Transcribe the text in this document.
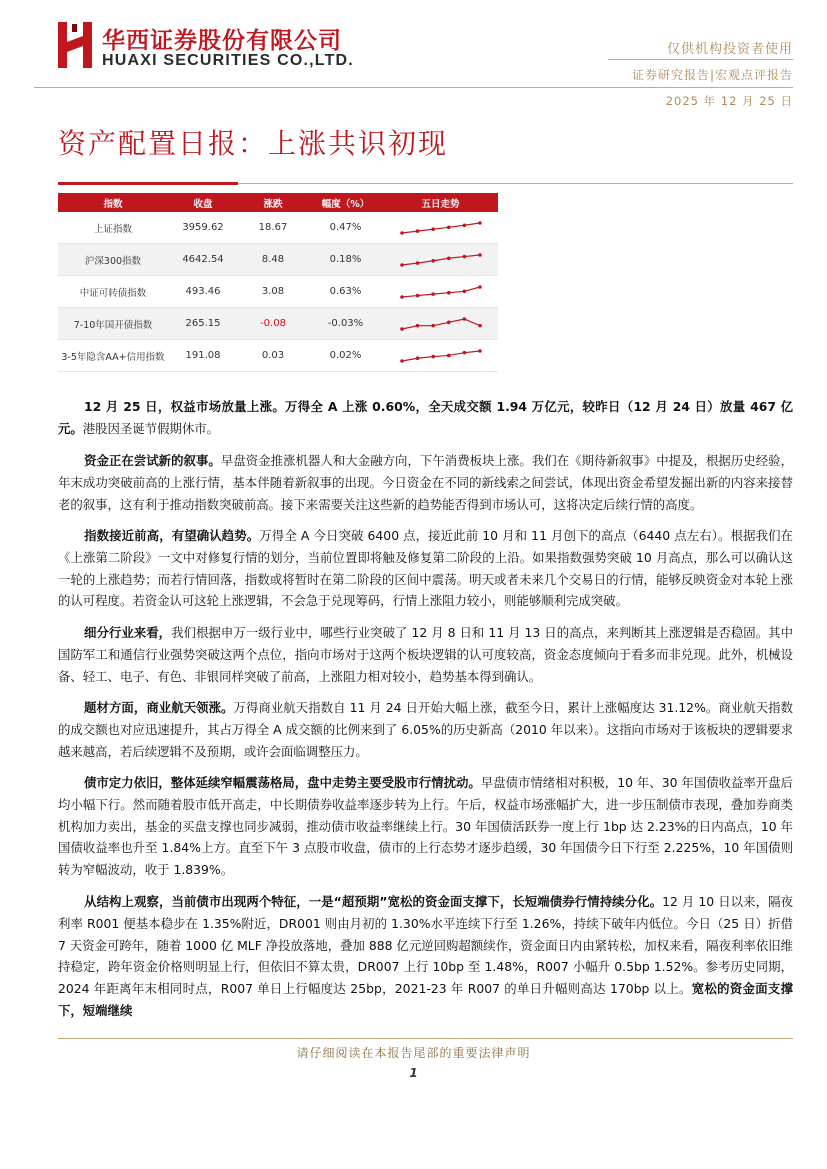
华西证券股份有限公司
HUAXI SECURITIES CO.,LTD.
仅供机构投资者使用
证券研究报告|宏观点评报告
2025 年 12 月 25 日
资产配置日报：上涨共识初现
指数	收盘	涨跌	幅度（%）	五日走势
上证指数	3959.62	18.67	0.47%	

沪深300指数	4642.54	8.48	0.18%	

中证可转债指数	493.46	3.08	0.63%	

7-10年国开债指数	265.15	-0.08	-0.03%	

3-5年隐含AA+信用指数	191.08	0.03	0.02%	

12 月 25 日，权益市场放量上涨。万得全 A 上涨 0.60%，全天成交额 1.94 万亿元，较昨日（12 月 24 日）放量 467 亿元。港股因圣诞节假期休市。

资金正在尝试新的叙事。早盘资金推涨机器人和大金融方向，下午消费板块上涨。我们在《期待新叙事》中提及，根据历史经验，年末成功突破前高的上涨行情，基本伴随着新叙事的出现。今日资金在不同的新线索之间尝试，体现出资金希望发掘出新的内容来接替老的叙事，这有利于推动指数突破前高。接下来需要关注这些新的趋势能否得到市场认可，这将决定后续行情的高度。

指数接近前高，有望确认趋势。万得全 A 今日突破 6400 点，接近此前 10 月和 11 月创下的高点（6440 点左右）。根据我们在《上涨第二阶段》一文中对修复行情的划分，当前位置即将触及修复第二阶段的上沿。如果指数强势突破 10 月高点，那么可以确认这一轮的上涨趋势；而若行情回落，指数或将暂时在第二阶段的区间中震荡。明天或者未来几个交易日的行情，能够反映资金对本轮上涨的认可程度。若资金认可这轮上涨逻辑，不会急于兑现筹码，行情上涨阻力较小，则能够顺利完成突破。

细分行业来看，我们根据申万一级行业中，哪些行业突破了 12 月 8 日和 11 月 13 日的高点，来判断其上涨逻辑是否稳固。其中国防军工和通信行业强势突破这两个点位，指向市场对于这两个板块逻辑的认可度较高，资金态度倾向于看多而非兑现。此外，机械设备、轻工、电子、有色、非银同样突破了前高，上涨阻力相对较小，趋势基本得到确认。

题材方面，商业航天领涨。万得商业航天指数自 11 月 24 日开始大幅上涨，截至今日，累计上涨幅度达 31.12%。商业航天指数的成交额也对应迅速提升，其占万得全 A 成交额的比例来到了 6.05%的历史新高（2010 年以来）。这指向市场对于该板块的逻辑要求越来越高，若后续逻辑不及预期，或许会面临调整压力。

债市定力依旧，整体延续窄幅震荡格局，盘中走势主要受股市行情扰动。早盘债市情绪相对积极，10 年、30 年国债收益率开盘后均小幅下行。然而随着股市低开高走，中长期债券收益率逐步转为上行。午后，权益市场涨幅扩大，进一步压制债市表现，叠加券商类机构加力卖出，基金的买盘支撑也同步减弱，推动债市收益率继续上行。30 年国债活跃券一度上行 1bp 达 2.23%的日内高点，10 年国债收益率也升至 1.84%上方。直至下午 3 点股市收盘，债市的上行态势才逐步趋缓，30 年国债今日下行至 2.225%，10 年国债则转为窄幅波动，收于 1.839%。

从结构上观察，当前债市出现两个特征，一是“超预期”宽松的资金面支撑下，长短端债券行情持续分化。12 月 10 日以来，隔夜利率 R001 便基本稳步在 1.35%附近，DR001 则由月初的 1.30%水平连续下行至 1.26%，持续下破年内低位。今日（25 日）折借 7 天资金可跨年，随着 1000 亿 MLF 净投放落地，叠加 888 亿元逆回购超额续作，资金面日内由紧转松，加权来看，隔夜利率依旧维持稳定，跨年资金价格则明显上行，但依旧不算太贵，DR007 上行 10bp 至 1.48%，R007 小幅升 0.5bp 1.52%。参考历史同期，2024 年距离年末相同时点，R007 单日上行幅度达 25bp，2021-23 年 R007 的单日升幅则高达 170bp 以上。宽松的资金面支撑下，短端继续

请仔细阅读在本报告尾部的重要法律声明
1
